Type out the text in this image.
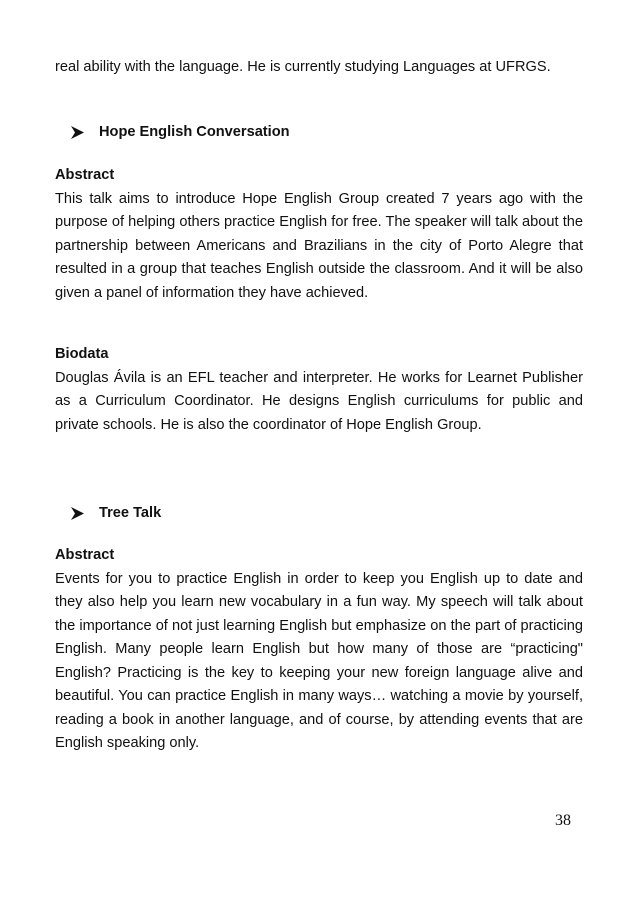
real ability with the language. He is currently studying Languages at UFRGS.

Hope English Conversation
Abstract

This talk aims to introduce Hope English Group created 7 years ago with the purpose of helping others practice English for free. The speaker will talk about the partnership between Americans and Brazilians in the city of Porto Alegre that resulted in a group that teaches English outside the classroom. And it will be also given a panel of information they have achieved.

Biodata

Douglas Ávila is an EFL teacher and interpreter. He works for Learnet Publisher as a Curriculum Coordinator. He designs English curriculums for public and private schools. He is also the coordinator of Hope English Group.

Tree Talk
Abstract

Events for you to practice English in order to keep you English up to date and they also help you learn new vocabulary in a fun way. My speech will talk about the importance of not just learning English but emphasize on the part of practicing English. Many people learn English but how many of those are “practicing" English? Practicing is the key to keeping your new foreign language alive and beautiful. You can practice English in many ways… watching a movie by yourself, reading a book in another language, and of course, by attending events that are English speaking only.

38
